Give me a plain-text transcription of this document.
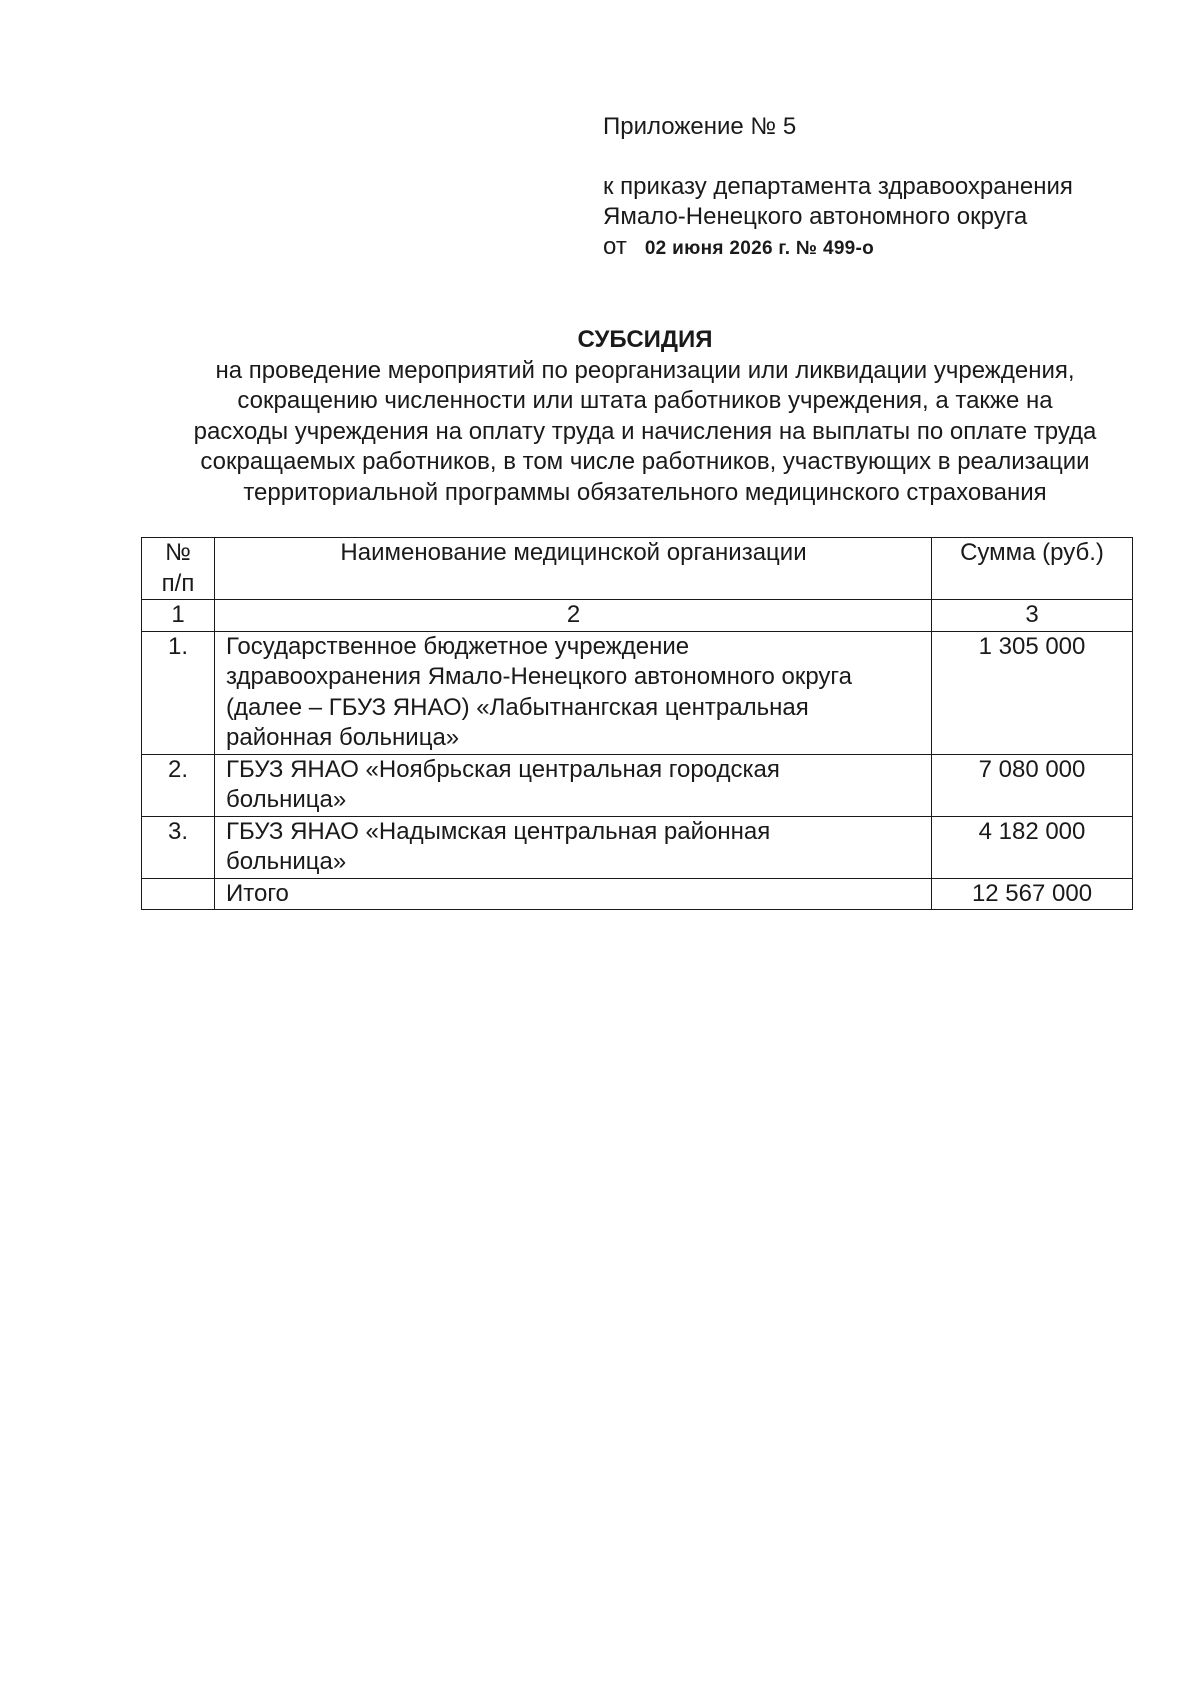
Приложение № 5
к приказу департамента здравоохранения
Ямало-Ненецкого автономного округа
от 02 июня 2026 г. № 499-о
СУБСИДИЯ
на проведение мероприятий по реорганизации или ликвидации учреждения,
сокращению численности или штата работников учреждения, а также на
расходы учреждения на оплату труда и начисления на выплаты по оплате труда
сокращаемых работников, в том числе работников, участвующих в реализации
территориальной программы обязательного медицинского страхования
№
п/п	Наименование медицинской организации	Сумма (руб.)
1	2	3
1.	Государственное бюджетное учреждение
здравоохранения Ямало-Ненецкого автономного округа
(далее – ГБУЗ ЯНАО) «Лабытнангская центральная
районная больница»	1 305 000
2.	ГБУЗ ЯНАО «Ноябрьская центральная городская
больница»	7 080 000
3.	ГБУЗ ЯНАО «Надымская центральная районная
больница»	4 182 000
	Итого	12 567 000
